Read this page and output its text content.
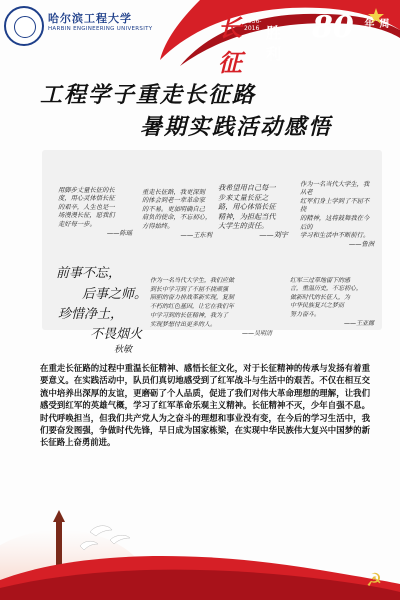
哈尔滨工程大学
HARBIN ENGINEERING UNIVERSITY	长征
1936-2016 胜利
80	周年
工程学子重走长征路
暑期实践活动感悟

用脚步丈量长征的长
度，用心灵体悟长征
的艰辛，人生也是一
场漫漫长征，愿我们
走好每一步。

——陈瑶

重走长征路，我更深刻
的体会到老一辈革命家
的不易。更加明确自己
肩负的使命，不忘初心，
方得始终。

——王东利

我希望用自己每一
步来丈量长征之
路，用心体悟长征
精神，为担起当代
大学生的责任。

——刘宇

作为一名当代大学生，我从老
红军们身上学到了不屈不挠
的精神，这将鼓舞我在今后的
学习和生活中不断前行。

——鲁洲

作为一名当代大学生，我们应做
到长中学习到了不屈不挠顽强
陪胆的奋力拼战革新实现，复制
不朽的红色基因，让它在我们年
中学习到的长征精神，我为了
实现梦想付出更多的人。

——吴明清

红军三过草地留下的感
言，重温历史，不忘初心，
做新时代的长征人，为
中华民族复兴之梦而
努力奋斗。

——王亚娜

前事不忘，
后事之师。
珍惜净土，
不畏烟火
秋敏
在重走长征路的过程中重温长征精神、感悟长征文化，对于长征精神的传承与发扬有着重要意义。在实践活动中，队员们真切地感受到了红军战斗与生活中的艰苦。不仅在相互交流中培养出深厚的友谊，更磨砺了个人品质，促进了我们对伟大革命理想的理解，让我们感受到红军的英雄气概，学习了红军革命乐观主义精神。长征精神不灭，少年自强不息。时代呼唤担当，但我们共产党人为之奋斗的理想和事业没有变，在今后的学习生活中，我们要奋发图强，争做时代先锋，早日成为国家栋梁，在实现中华民族伟大复兴中国梦的新长征路上奋勇前进。
☭
